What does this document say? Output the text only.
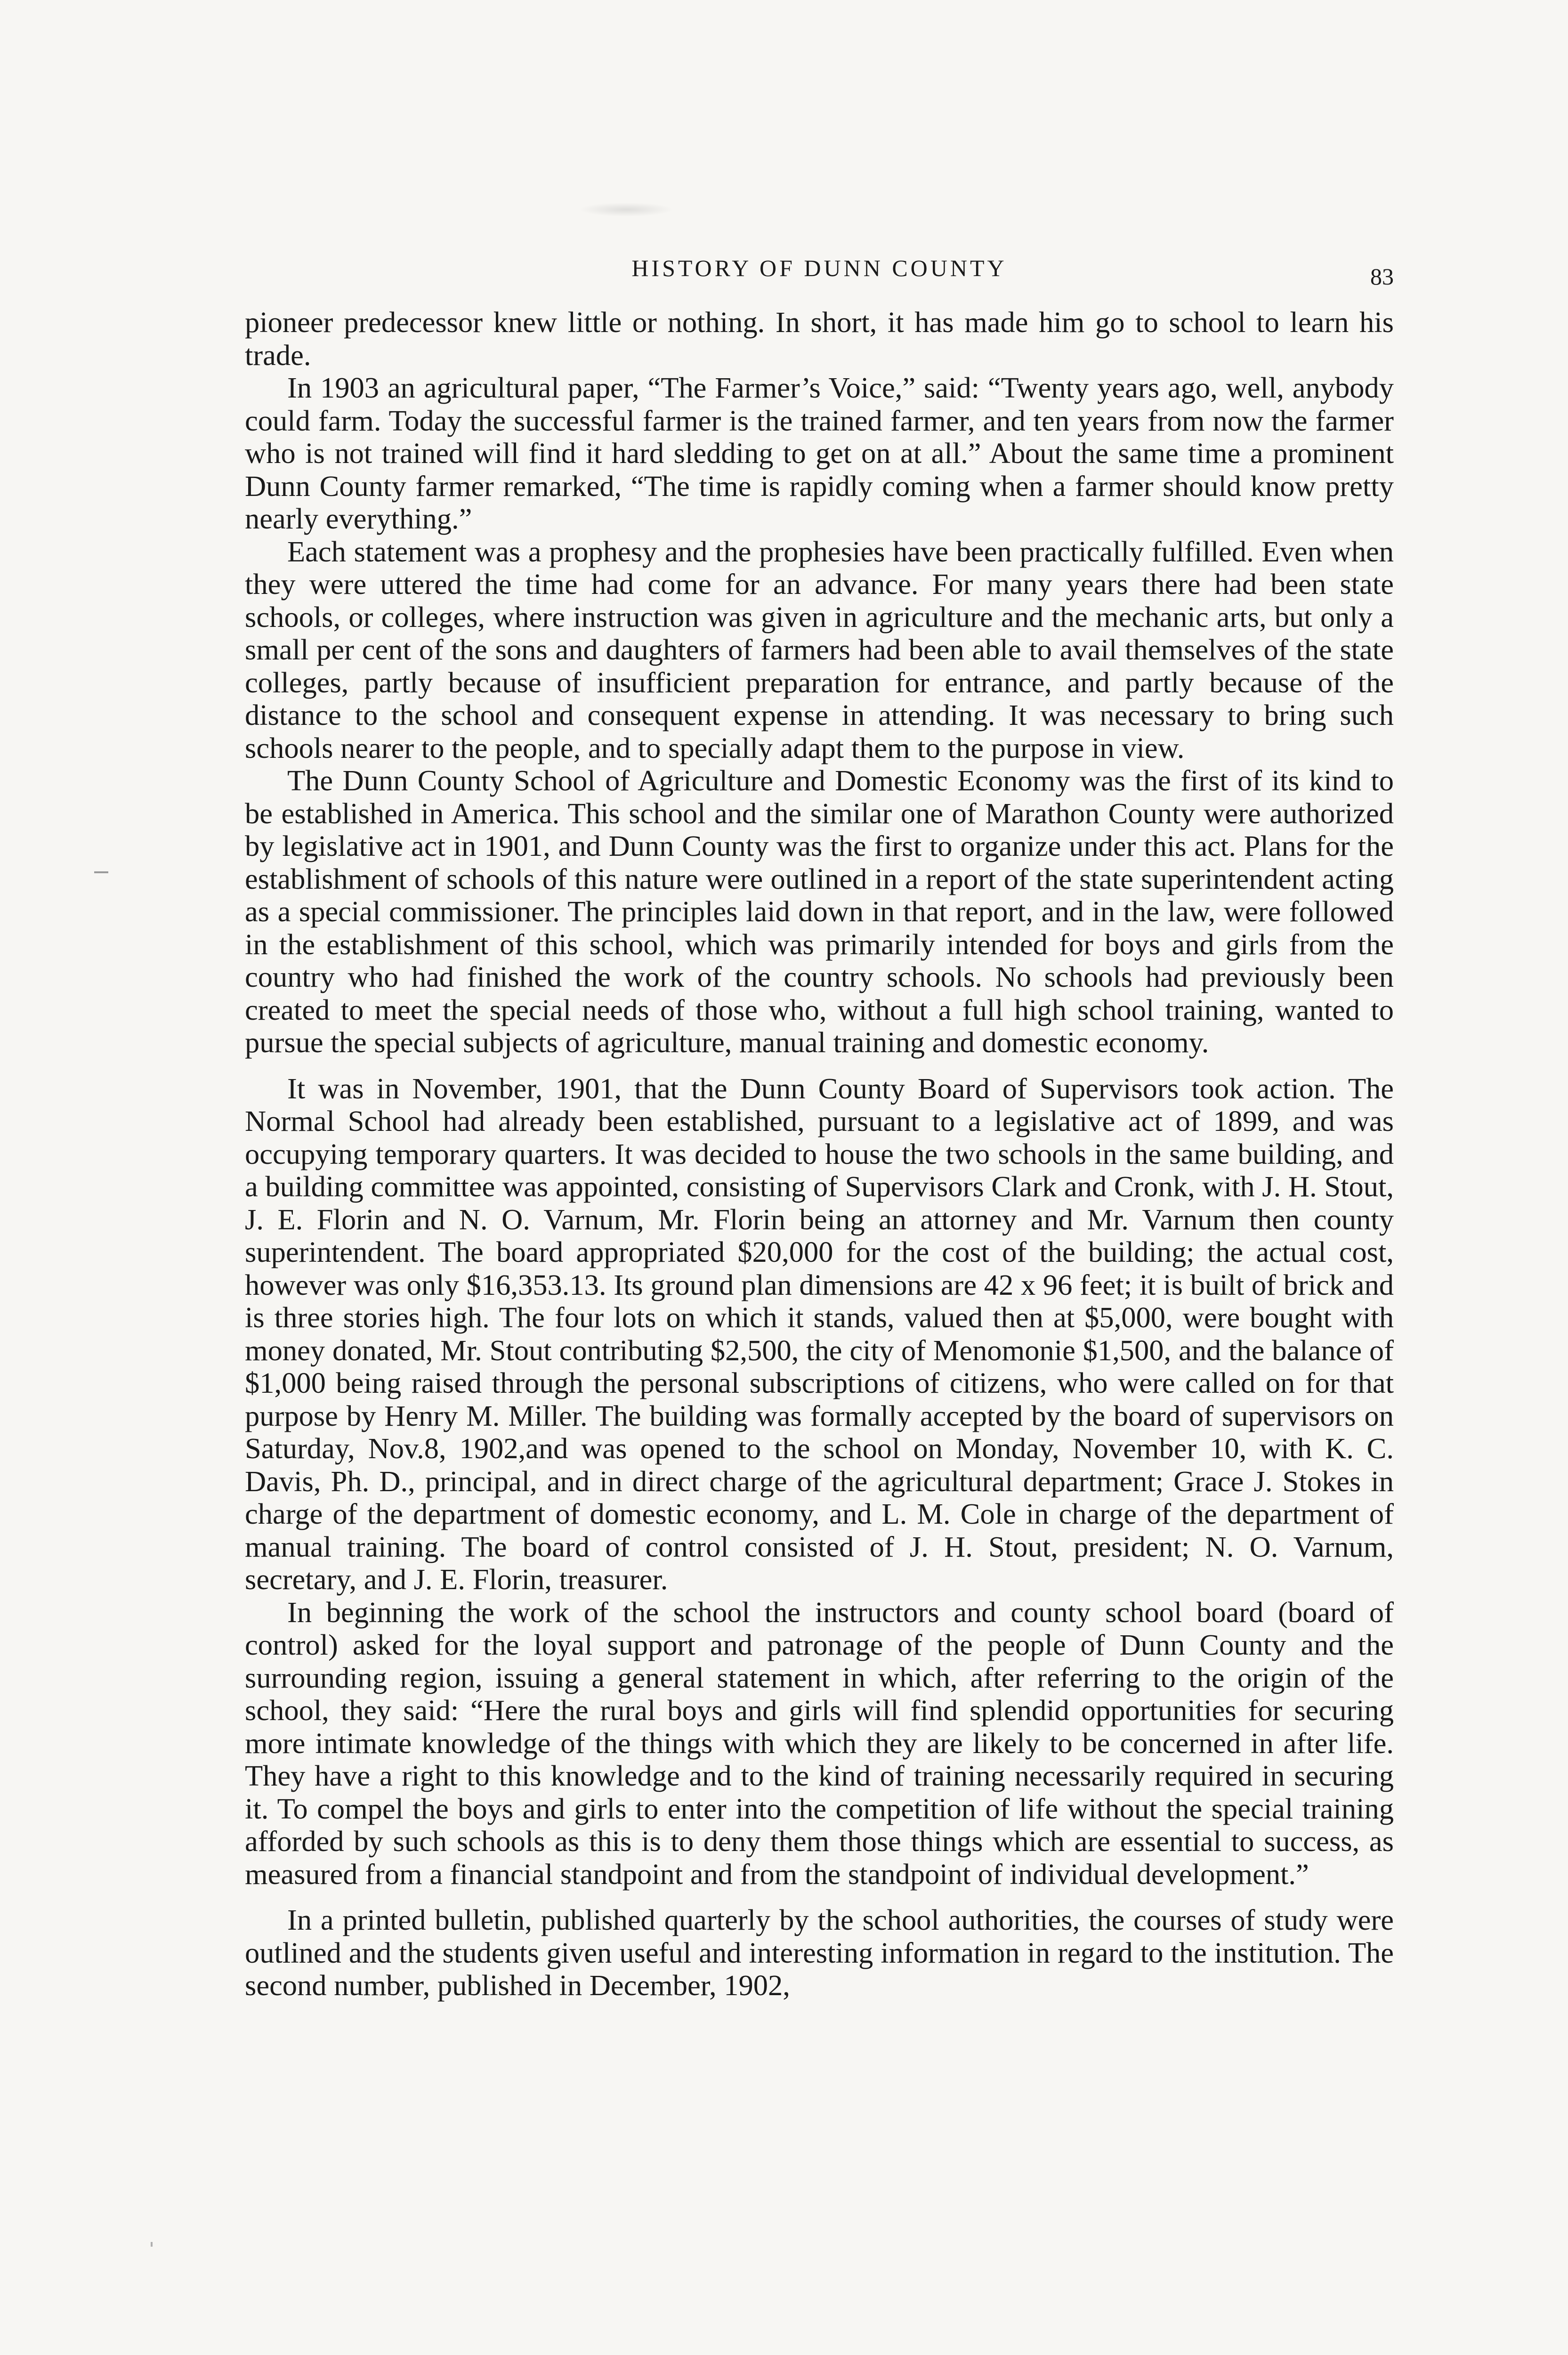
HISTORY OF DUNN COUNTY	83

pioneer predecessor knew little or nothing. In short, it has made him go to school to learn his trade.

In 1903 an agricultural paper, “The Farmer’s Voice,” said: “Twenty years ago, well, anybody could farm. Today the successful farmer is the trained farmer, and ten years from now the farmer who is not trained will find it hard sledding to get on at all.” About the same time a prominent Dunn County farmer remarked, “The time is rapidly coming when a farmer should know pretty nearly everything.”

Each statement was a prophesy and the prophesies have been practically fulfilled. Even when they were uttered the time had come for an advance. For many years there had been state schools, or colleges, where instruction was given in agriculture and the mechanic arts, but only a small per cent of the sons and daughters of farmers had been able to avail themselves of the state colleges, partly because of insufficient preparation for entrance, and partly because of the distance to the school and consequent expense in attending. It was necessary to bring such schools nearer to the people, and to specially adapt them to the purpose in view.

The Dunn County School of Agriculture and Domestic Economy was the first of its kind to be established in America. This school and the similar one of Marathon County were authorized by legislative act in 1901, and Dunn County was the first to organize under this act. Plans for the establishment of schools of this nature were outlined in a report of the state superintendent acting as a special commissioner. The principles laid down in that report, and in the law, were followed in the establishment of this school, which was primarily intended for boys and girls from the country who had finished the work of the country schools. No schools had previously been created to meet the special needs of those who, without a full high school training, wanted to pursue the special subjects of agriculture, manual training and domestic economy.

It was in November, 1901, that the Dunn County Board of Supervisors took action. The Normal School had already been established, pursuant to a legislative act of 1899, and was occupying temporary quarters. It was decided to house the two schools in the same building, and a building committee was appointed, consisting of Supervisors Clark and Cronk, with J. H. Stout, J. E. Florin and N. O. Varnum, Mr. Florin being an attorney and Mr. Varnum then county superintendent. The board appropriated $20,000 for the cost of the building; the actual cost, however was only $16,353.13. Its ground plan dimensions are 42 x 96 feet; it is built of brick and is three stories high. The four lots on which it stands, valued then at $5,000, were bought with money donated, Mr. Stout contributing $2,500, the city of Menomonie $1,500, and the balance of $1,000 being raised through the personal subscriptions of citizens, who were called on for that purpose by Henry M. Miller. The building was formally accepted by the board of supervisors on Saturday, Nov.8, 1902,and was opened to the school on Monday, November 10, with K. C. Davis, Ph. D., principal, and in direct charge of the agricultural department; Grace J. Stokes in charge of the department of domestic economy, and L. M. Cole in charge of the department of manual training. The board of control consisted of J. H. Stout, president; N. O. Varnum, secretary, and J. E. Florin, treasurer.

In beginning the work of the school the instructors and county school board (board of control) asked for the loyal support and patronage of the people of Dunn County and the surrounding region, issuing a general statement in which, after referring to the origin of the school, they said: “Here the rural boys and girls will find splendid opportunities for securing more intimate knowledge of the things with which they are likely to be concerned in after life. They have a right to this knowledge and to the kind of training necessarily required in securing it. To compel the boys and girls to enter into the competition of life without the special training afforded by such schools as this is to deny them those things which are essential to success, as measured from a financial standpoint and from the standpoint of individual development.”

In a printed bulletin, published quarterly by the school authorities, the courses of study were outlined and the students given useful and interesting information in regard to the institution. The second number, published in December, 1902,
